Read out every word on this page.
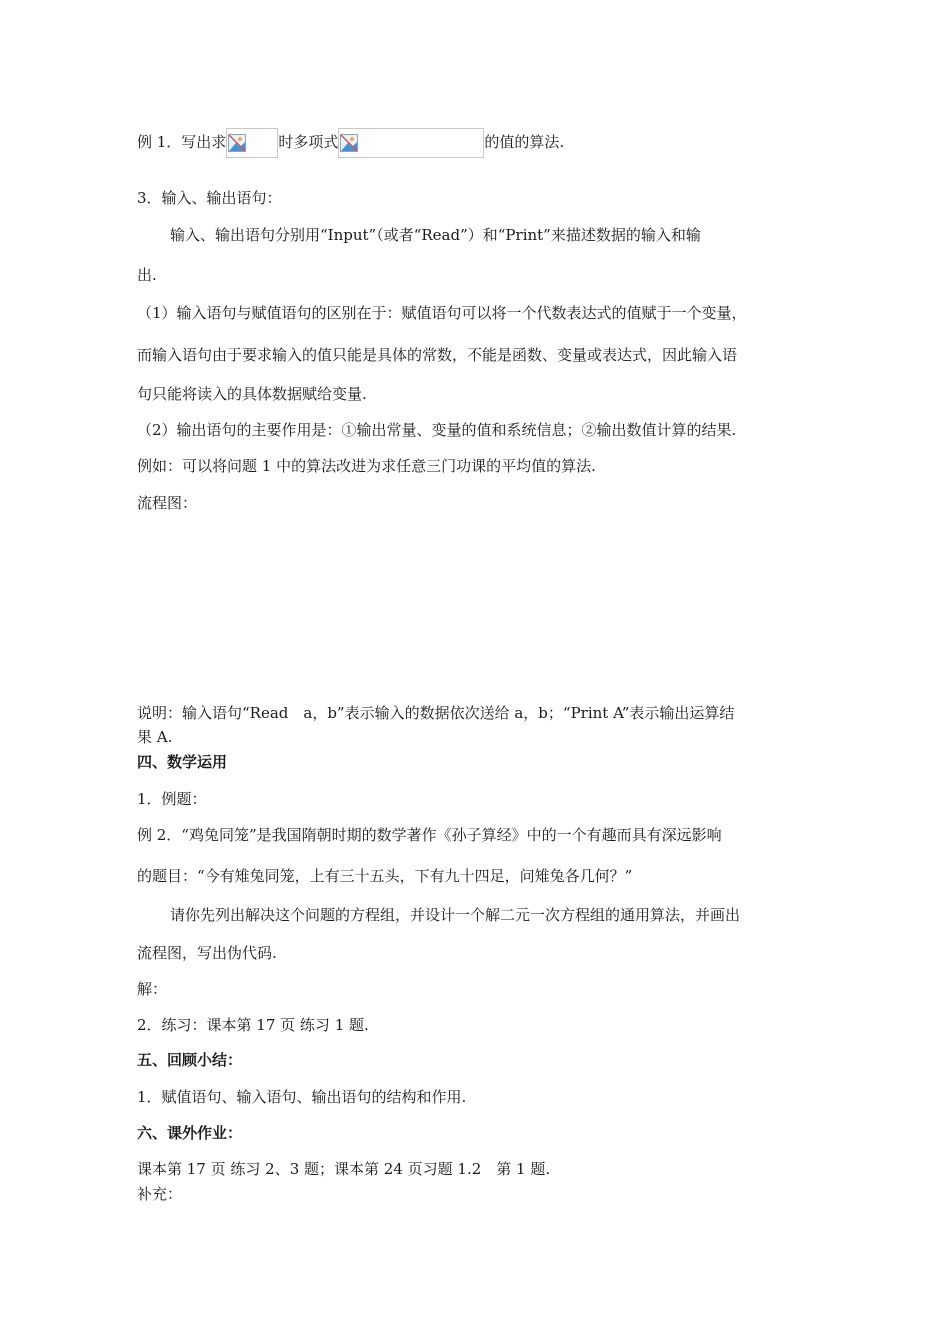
例 1．写出求	时多项式	的值的算法.
3．输入、输出语句：
输入、输出语句分别用“Input”（或者“Read”）和“Print”来描述数据的输入和输
出.
（1）输入语句与赋值语句的区别在于：赋值语句可以将一个代数表达式的值赋于一个变量，
而输入语句由于要求输入的值只能是具体的常数，不能是函数、变量或表达式，因此输入语
句只能将读入的具体数据赋给变量.
（2）输出语句的主要作用是：①输出常量、变量的值和系统信息；②输出数值计算的结果.
例如：可以将问题 1 中的算法改进为求任意三门功课的平均值的算法.
流程图：
说明：输入语句“Read　a，b”表示输入的数据依次送给 a，b；“Print A”表示输出运算结
果 A.
四、数学运用
1．例题：
例 2．“鸡兔同笼”是我国隋朝时期的数学著作《孙子算经》中的一个有趣而具有深远影响
的题目：“今有雉兔同笼，上有三十五头，下有九十四足，问雉兔各几何？”
请你先列出解决这个问题的方程组，并设计一个解二元一次方程组的通用算法，并画出
流程图，写出伪代码.
解：
2．练习：课本第 17 页 练习 1 题.
五、回顾小结：
1．赋值语句、输入语句、输出语句的结构和作用.
六、课外作业：
课本第 17 页 练习 2、3 题；课本第 24 页习题 1.2　第 1 题.
补充：
